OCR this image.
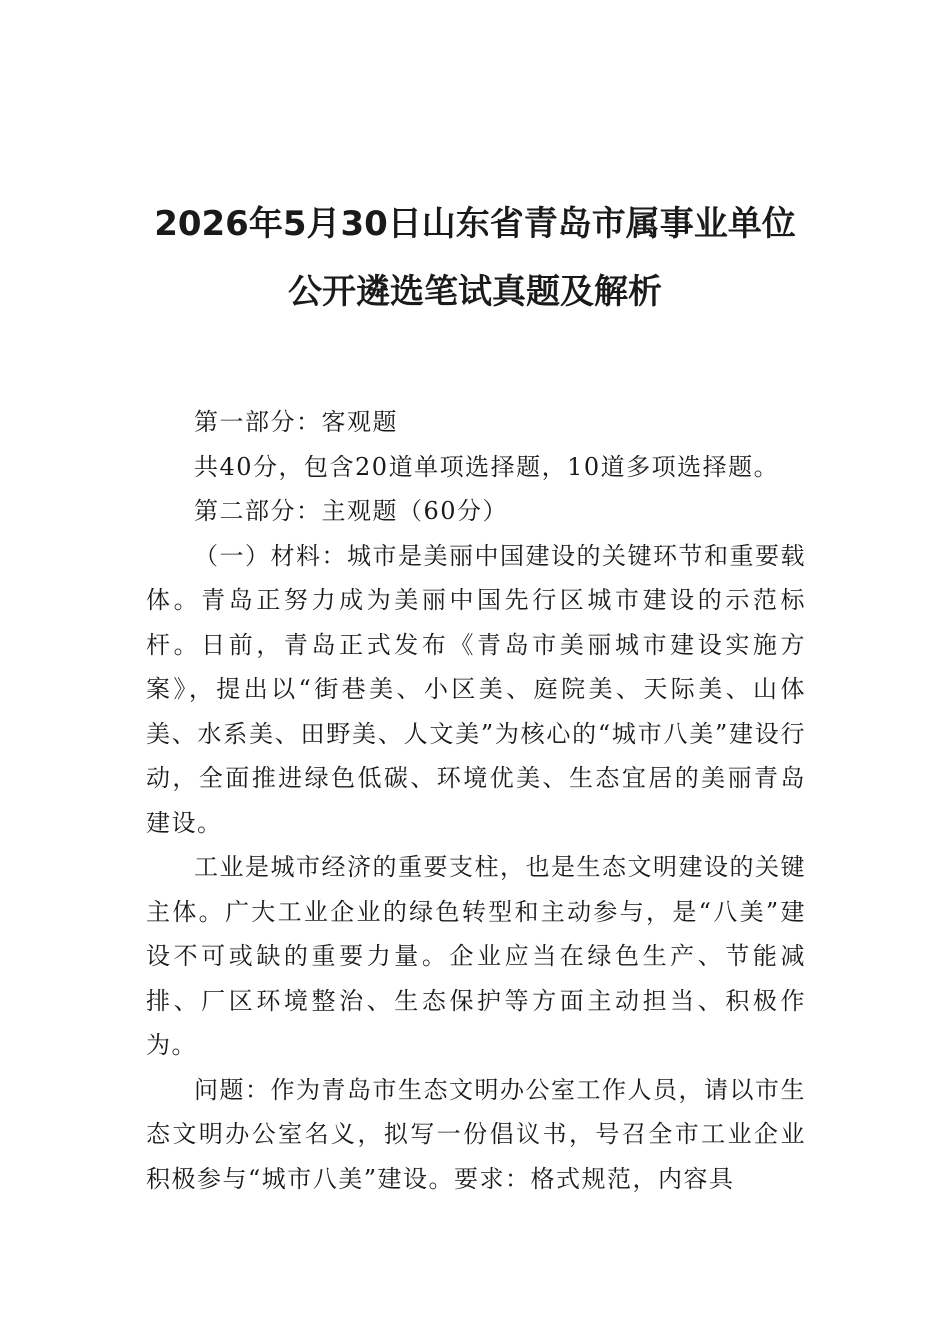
2026年5月30日山东省青岛市属事业单位
公开遴选笔试真题及解析

第一部分：客观题

共40分，包含20道单项选择题，10道多项选择题。

第二部分：主观题（60分）

（一）材料：城市是美丽中国建设的关键环节和重要载体。青岛正努力成为美丽中国先行区城市建设的示范标杆。日前，青岛正式发布《青岛市美丽城市建设实施方案》，提出以“街巷美、小区美、庭院美、天际美、山体美、水系美、田野美、人文美”为核心的“城市八美”建设行动，全面推进绿色低碳、环境优美、生态宜居的美丽青岛建设。

工业是城市经济的重要支柱，也是生态文明建设的关键主体。广大工业企业的绿色转型和主动参与，是“八美”建设不可或缺的重要力量。企业应当在绿色生产、节能减排、厂区环境整治、生态保护等方面主动担当、积极作为。

问题：作为青岛市生态文明办公室工作人员，请以市生态文明办公室名义，拟写一份倡议书，号召全市工业企业积极参与“城市八美”建设。要求：格式规范，内容具
